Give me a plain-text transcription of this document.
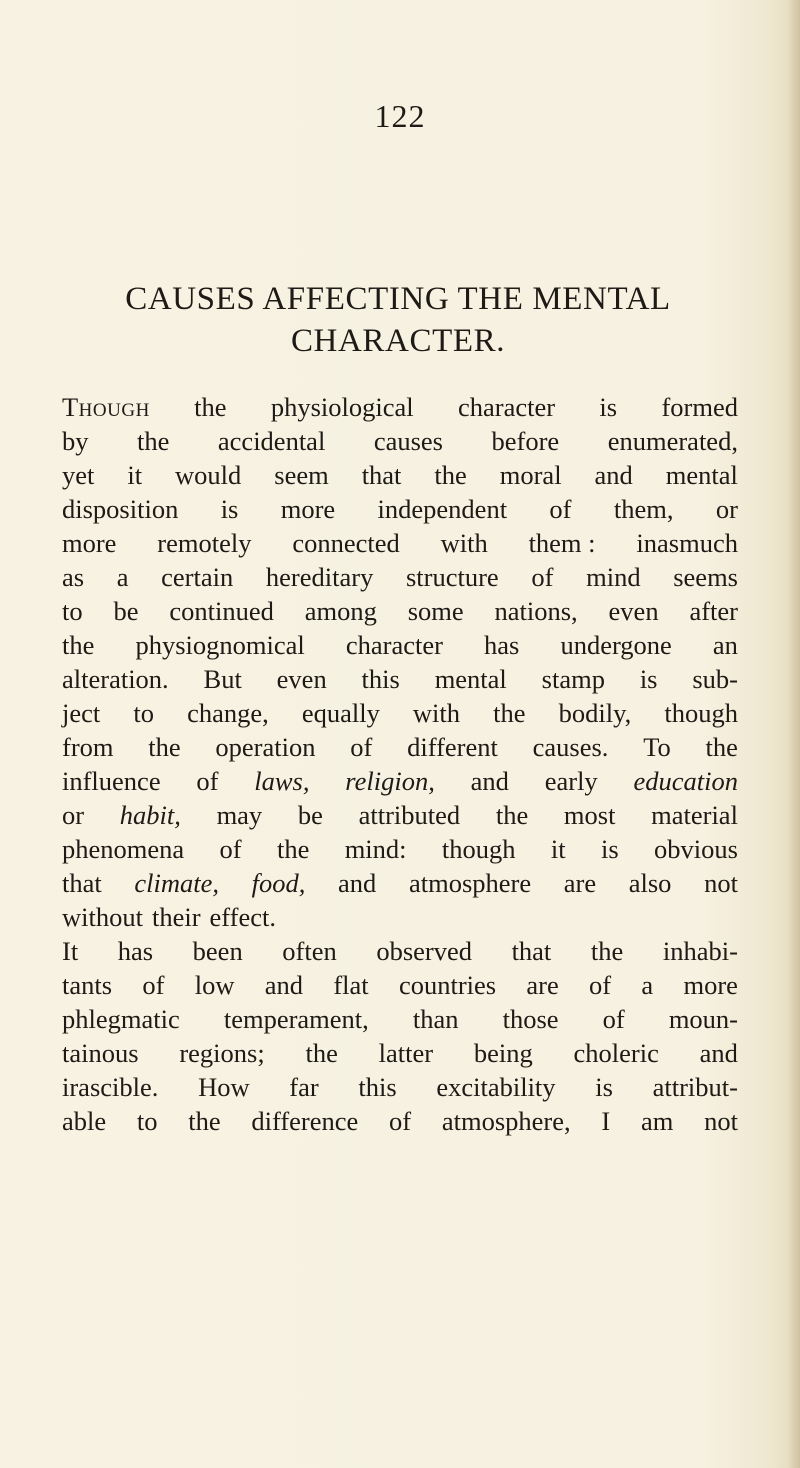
122
CAUSES AFFECTING THE MENTAL
CHARACTER.
Though the physiological character is formed
by the accidental causes before enumerated,
yet it would seem that the moral and mental
disposition is more independent of them, or
more remotely connected with them : inasmuch
as a certain hereditary structure of mind seems
to be continued among some nations, even after
the physiognomical character has undergone an
alteration. But even this mental stamp is sub-
ject to change, equally with the bodily, though
from the operation of different causes. To the
influence of laws, religion, and early education
or habit, may be attributed the most material
phenomena of the mind: though it is obvious
that climate, food, and atmosphere are also not
without their effect.
It has been often observed that the inhabi-
tants of low and flat countries are of a more
phlegmatic temperament, than those of moun-
tainous regions; the latter being choleric and
irascible. How far this excitability is attribut-
able to the difference of atmosphere, I am not
